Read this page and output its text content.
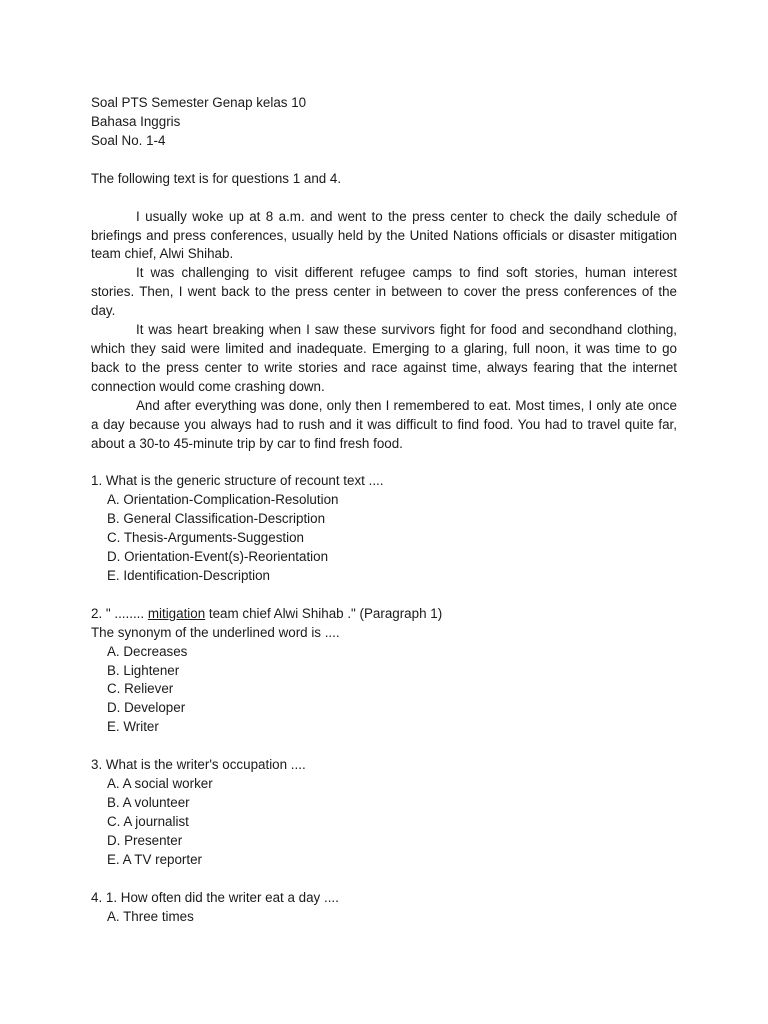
Soal PTS Semester Genap kelas 10
Bahasa Inggris
Soal No. 1-4
The following text is for questions 1 and 4.
I usually woke up at 8 a.m. and went to the press center to check the daily schedule of briefings and press conferences, usually held by the United Nations officials or disaster mitigation team chief, Alwi Shihab.
It was challenging to visit different refugee camps to find soft stories, human interest stories. Then, I went back to the press center in between to cover the press conferences of the day.
It was heart breaking when I saw these survivors fight for food and secondhand clothing, which they said were limited and inadequate. Emerging to a glaring, full noon, it was time to go back to the press center to write stories and race against time, always fearing that the internet connection would come crashing down.
And after everything was done, only then I remembered to eat. Most times, I only ate once a day because you always had to rush and it was difficult to find food. You had to travel quite far, about a 30-to 45-minute trip by car to find fresh food.
1. What is the generic structure of recount text ....
A. Orientation-Complication-Resolution
B. General Classification-Description
C. Thesis-Arguments-Suggestion
D. Orientation-Event(s)-Reorientation
E. Identification-Description
2. " ........ mitigation team chief Alwi Shihab ." (Paragraph 1)
The synonym of the underlined word is ....
A. Decreases
B. Lightener
C. Reliever
D. Developer
E. Writer
3. What is the writer's occupation ....
A. A social worker
B. A volunteer
C. A journalist
D. Presenter
E. A TV reporter
4. 1. How often did the writer eat a day ....
A. Three times
